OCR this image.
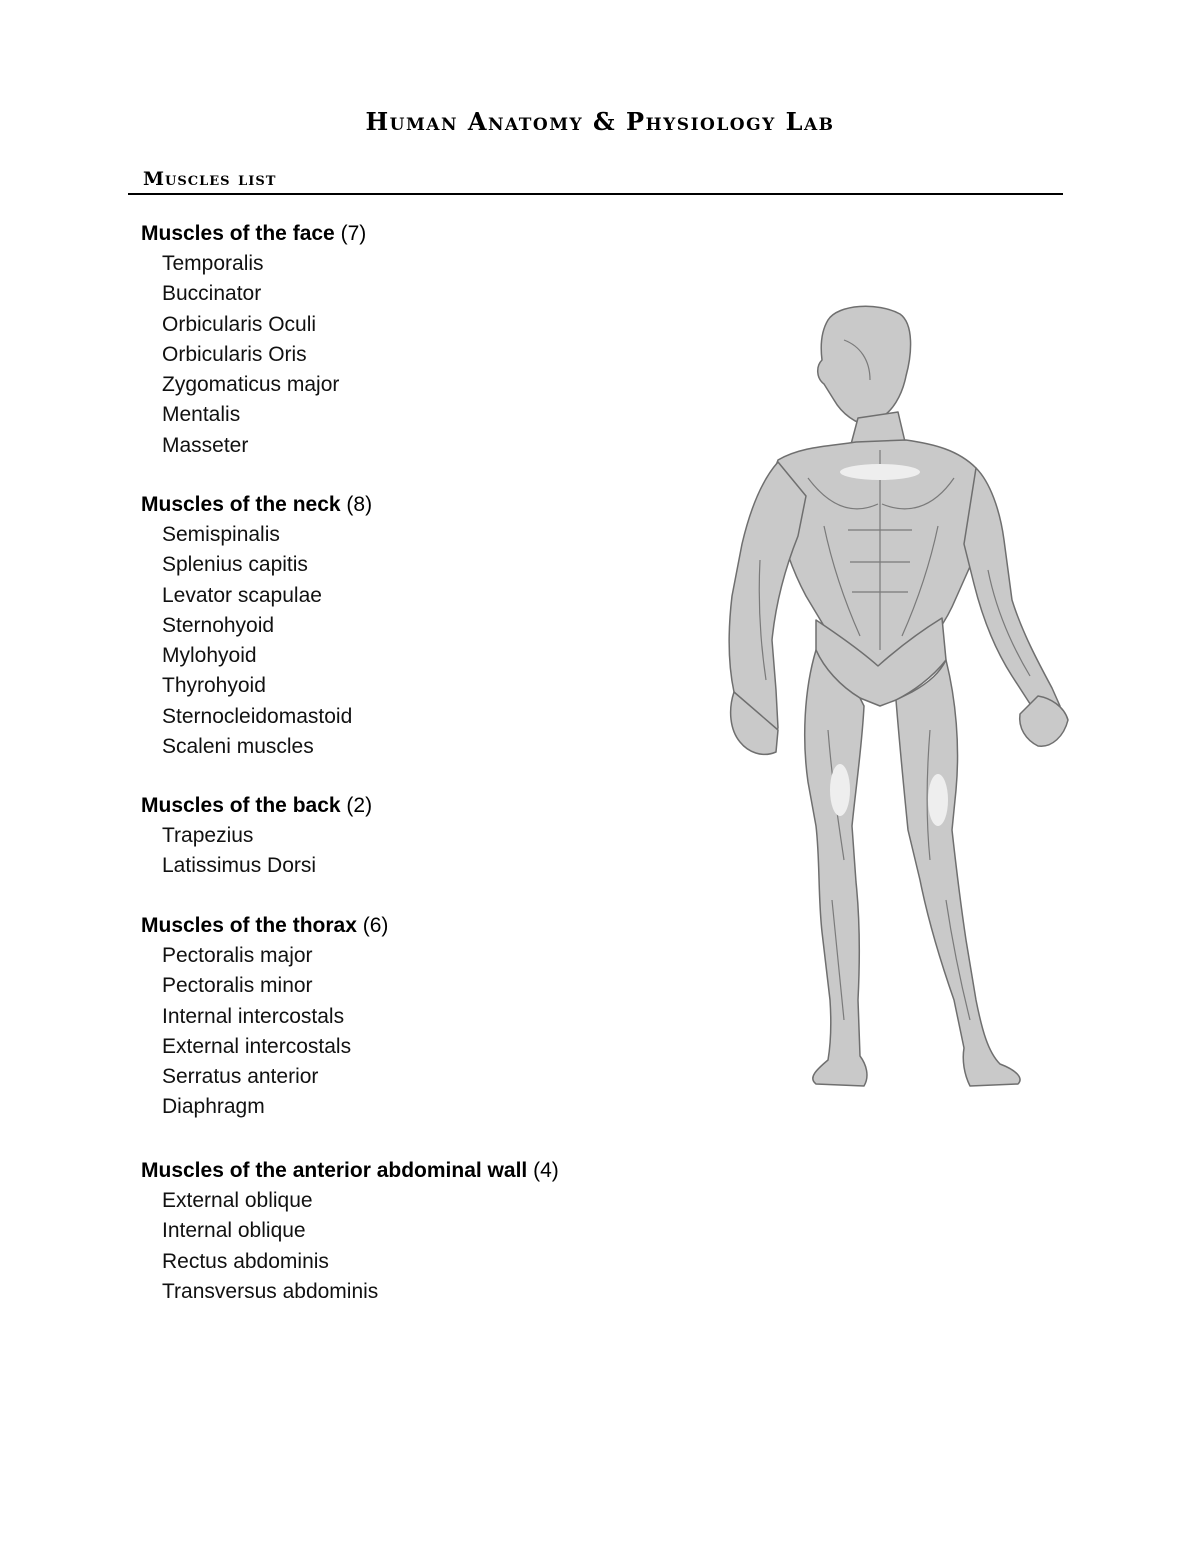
Human Anatomy & Physiology Lab
Muscles list
Muscles of the face (7)
Temporalis
Buccinator
Orbicularis Oculi
Orbicularis Oris
Zygomaticus major
Mentalis
Masseter
Muscles of the neck (8)
Semispinalis
Splenius capitis
Levator scapulae
Sternohyoid
Mylohyoid
Thyrohyoid
Sternocleidomastoid
Scaleni muscles
Muscles of the back (2)
Trapezius
Latissimus Dorsi
Muscles of the thorax (6)
Pectoralis major
Pectoralis minor
Internal intercostals
External intercostals
Serratus anterior
Diaphragm
Muscles of the anterior abdominal wall (4)
External oblique
Internal oblique
Rectus abdominis
Transversus abdominis
